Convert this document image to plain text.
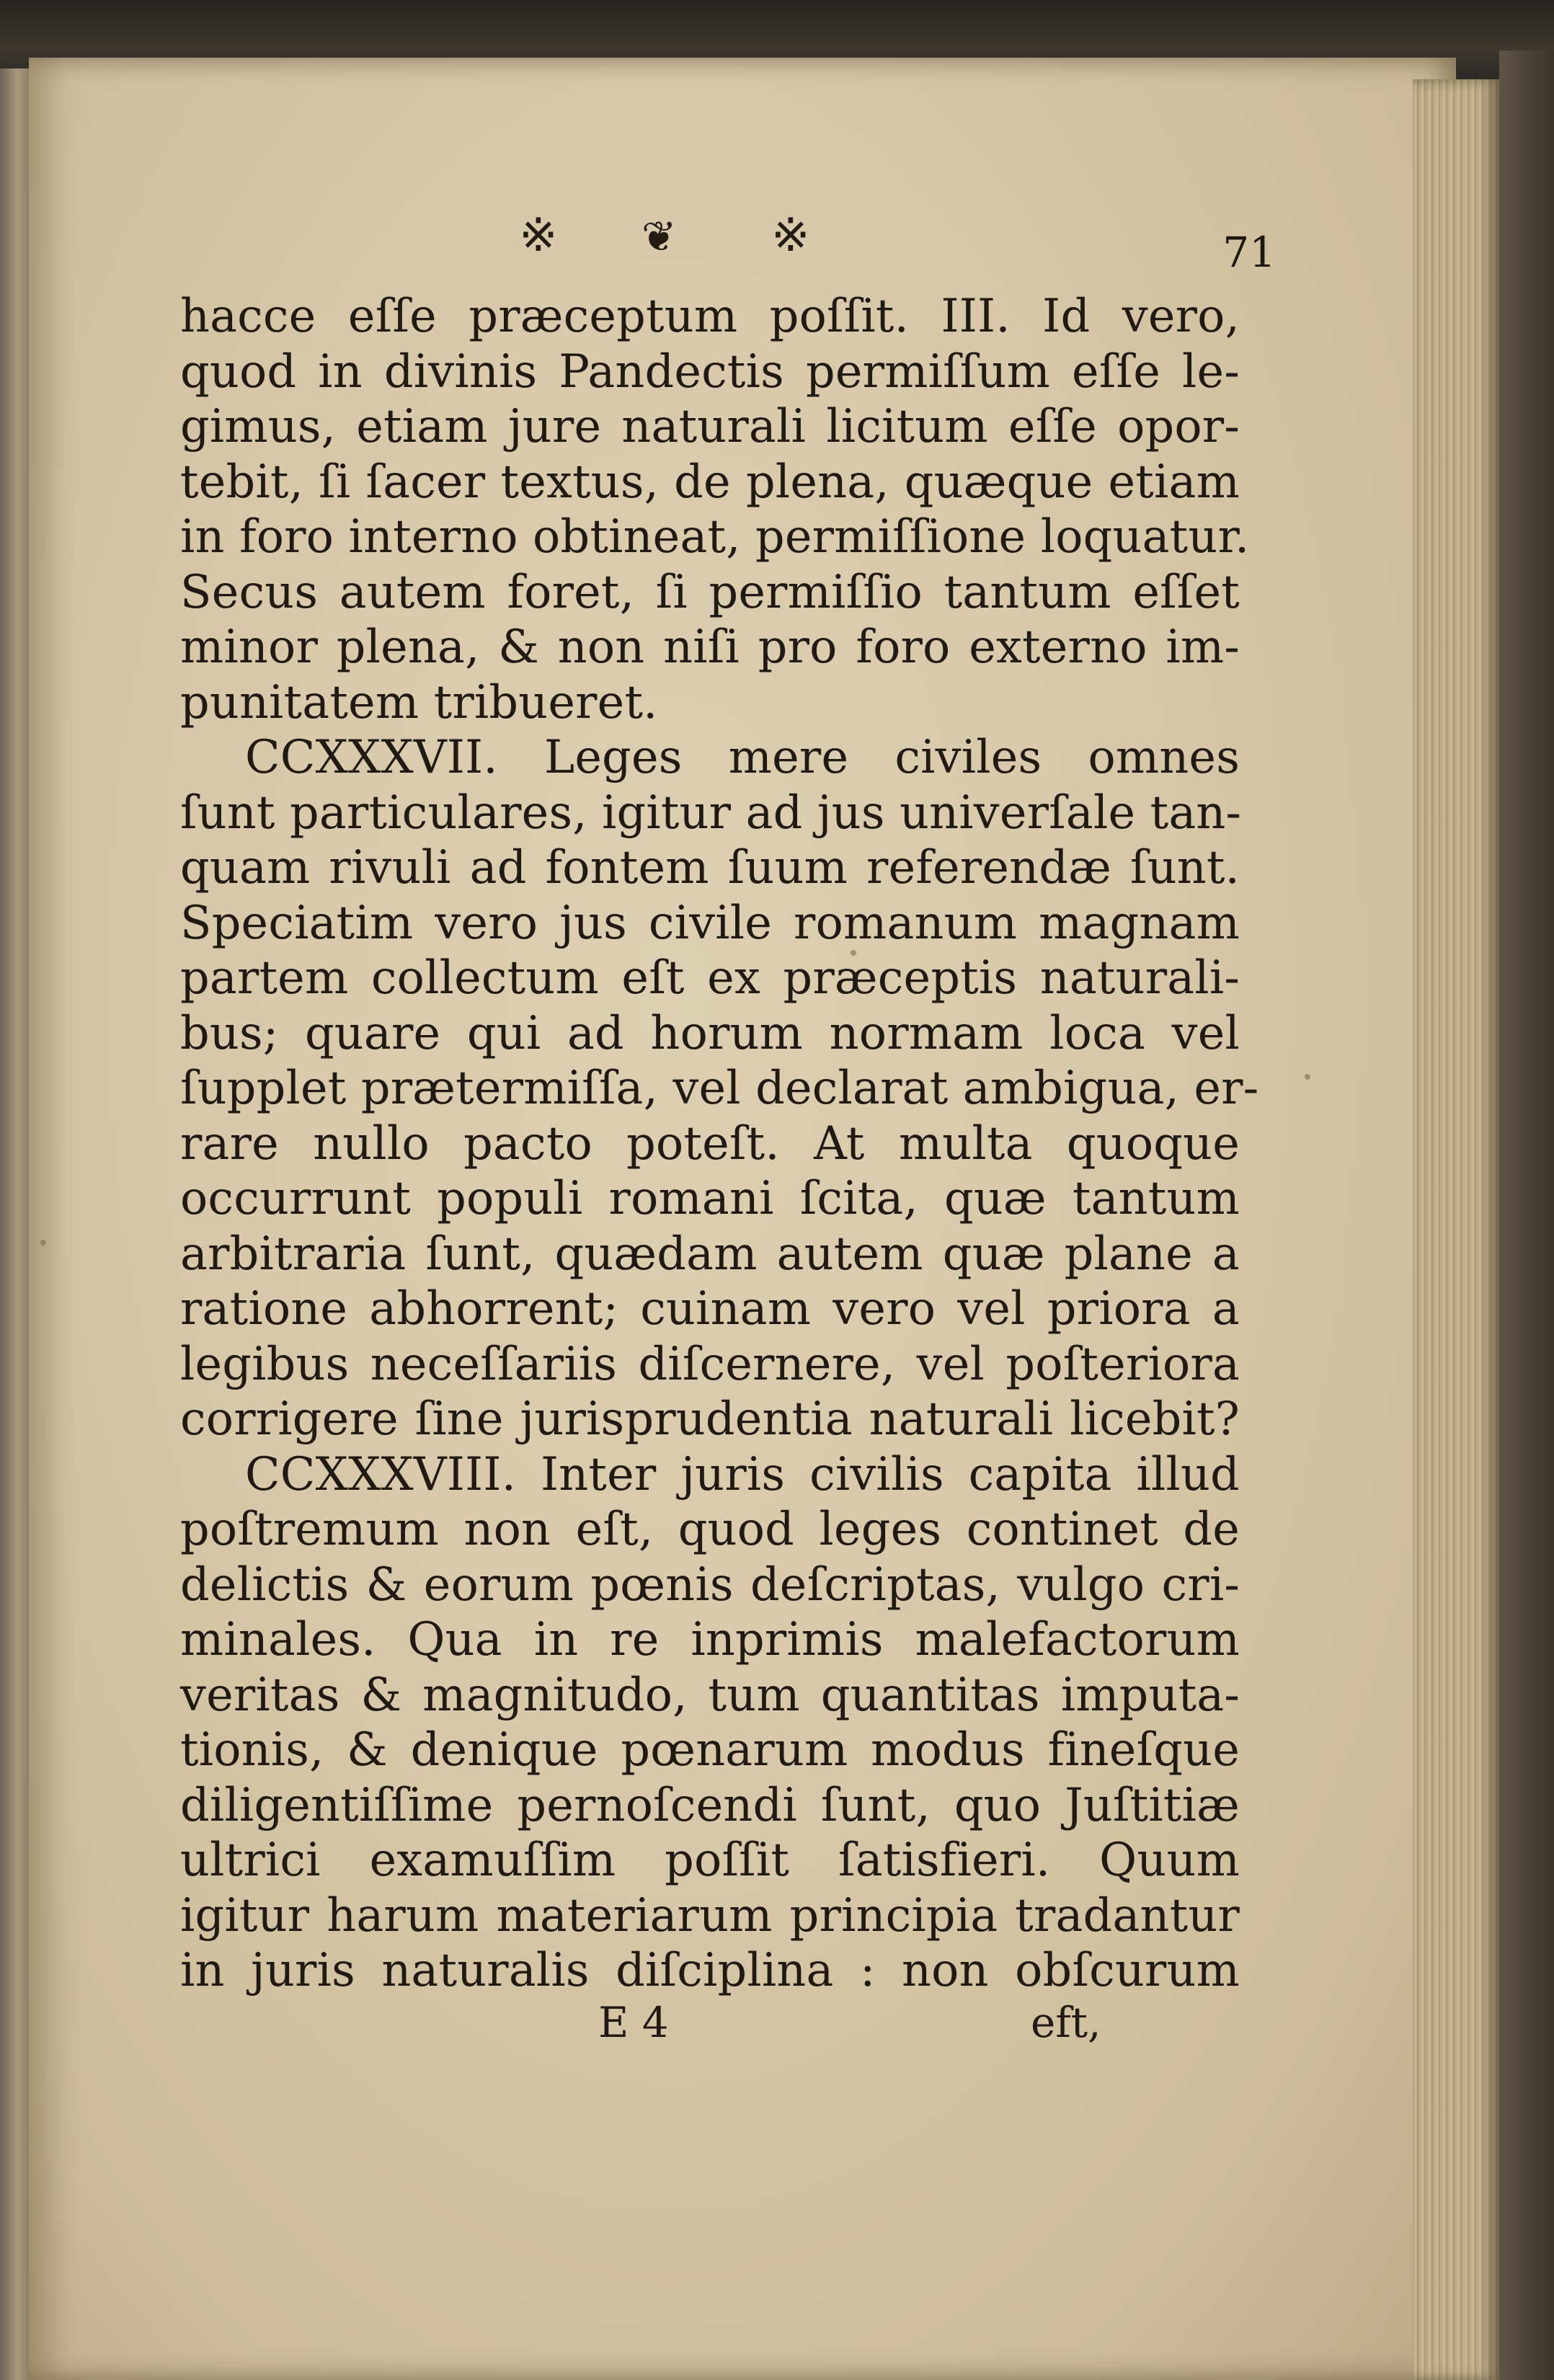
※ ❦ ※	71
hacce eſſe præceptum poſſit. III. Id vero,
quod in divinis Pandectis permiſſum eſſe le-
gimus, etiam jure naturali licitum eſſe opor-
tebit, ſi ſacer textus, de plena, quæque etiam
in foro interno obtineat, permiſſione loquatur.
Secus autem foret, ſi permiſſio tantum eſſet
minor plena, & non niſi pro foro externo im-
punitatem tribueret.
CCXXXVII. Leges mere civiles omnes
ſunt particulares, igitur ad jus univerſale tan-
quam rivuli ad fontem ſuum referendæ ſunt.
Speciatim vero jus civile romanum magnam
partem collectum eſt ex præceptis naturali-
bus; quare qui ad horum normam loca vel
ſupplet prætermiſſa, vel declarat ambigua, er-
rare nullo pacto poteſt. At multa quoque
occurrunt populi romani ſcita, quæ tantum
arbitraria ſunt, quædam autem quæ plane a
ratione abhorrent; cuinam vero vel priora a
legibus neceſſariis diſcernere, vel poſteriora
corrigere ſine jurisprudentia naturali licebit?
CCXXXVIII. Inter juris civilis capita illud
poſtremum non eſt, quod leges continet de
delictis & eorum pœnis deſcriptas, vulgo cri-
minales. Qua in re inprimis malefactorum
veritas & magnitudo, tum quantitas imputa-
tionis, & denique pœnarum modus fineſque
diligentiſſime pernoſcendi ſunt, quo Juſtitiæ
ultrici examuſſim poſſit ſatisfieri. Quum
igitur harum materiarum principia tradantur
in juris naturalis diſciplina : non obſcurum
E 4	eft,
